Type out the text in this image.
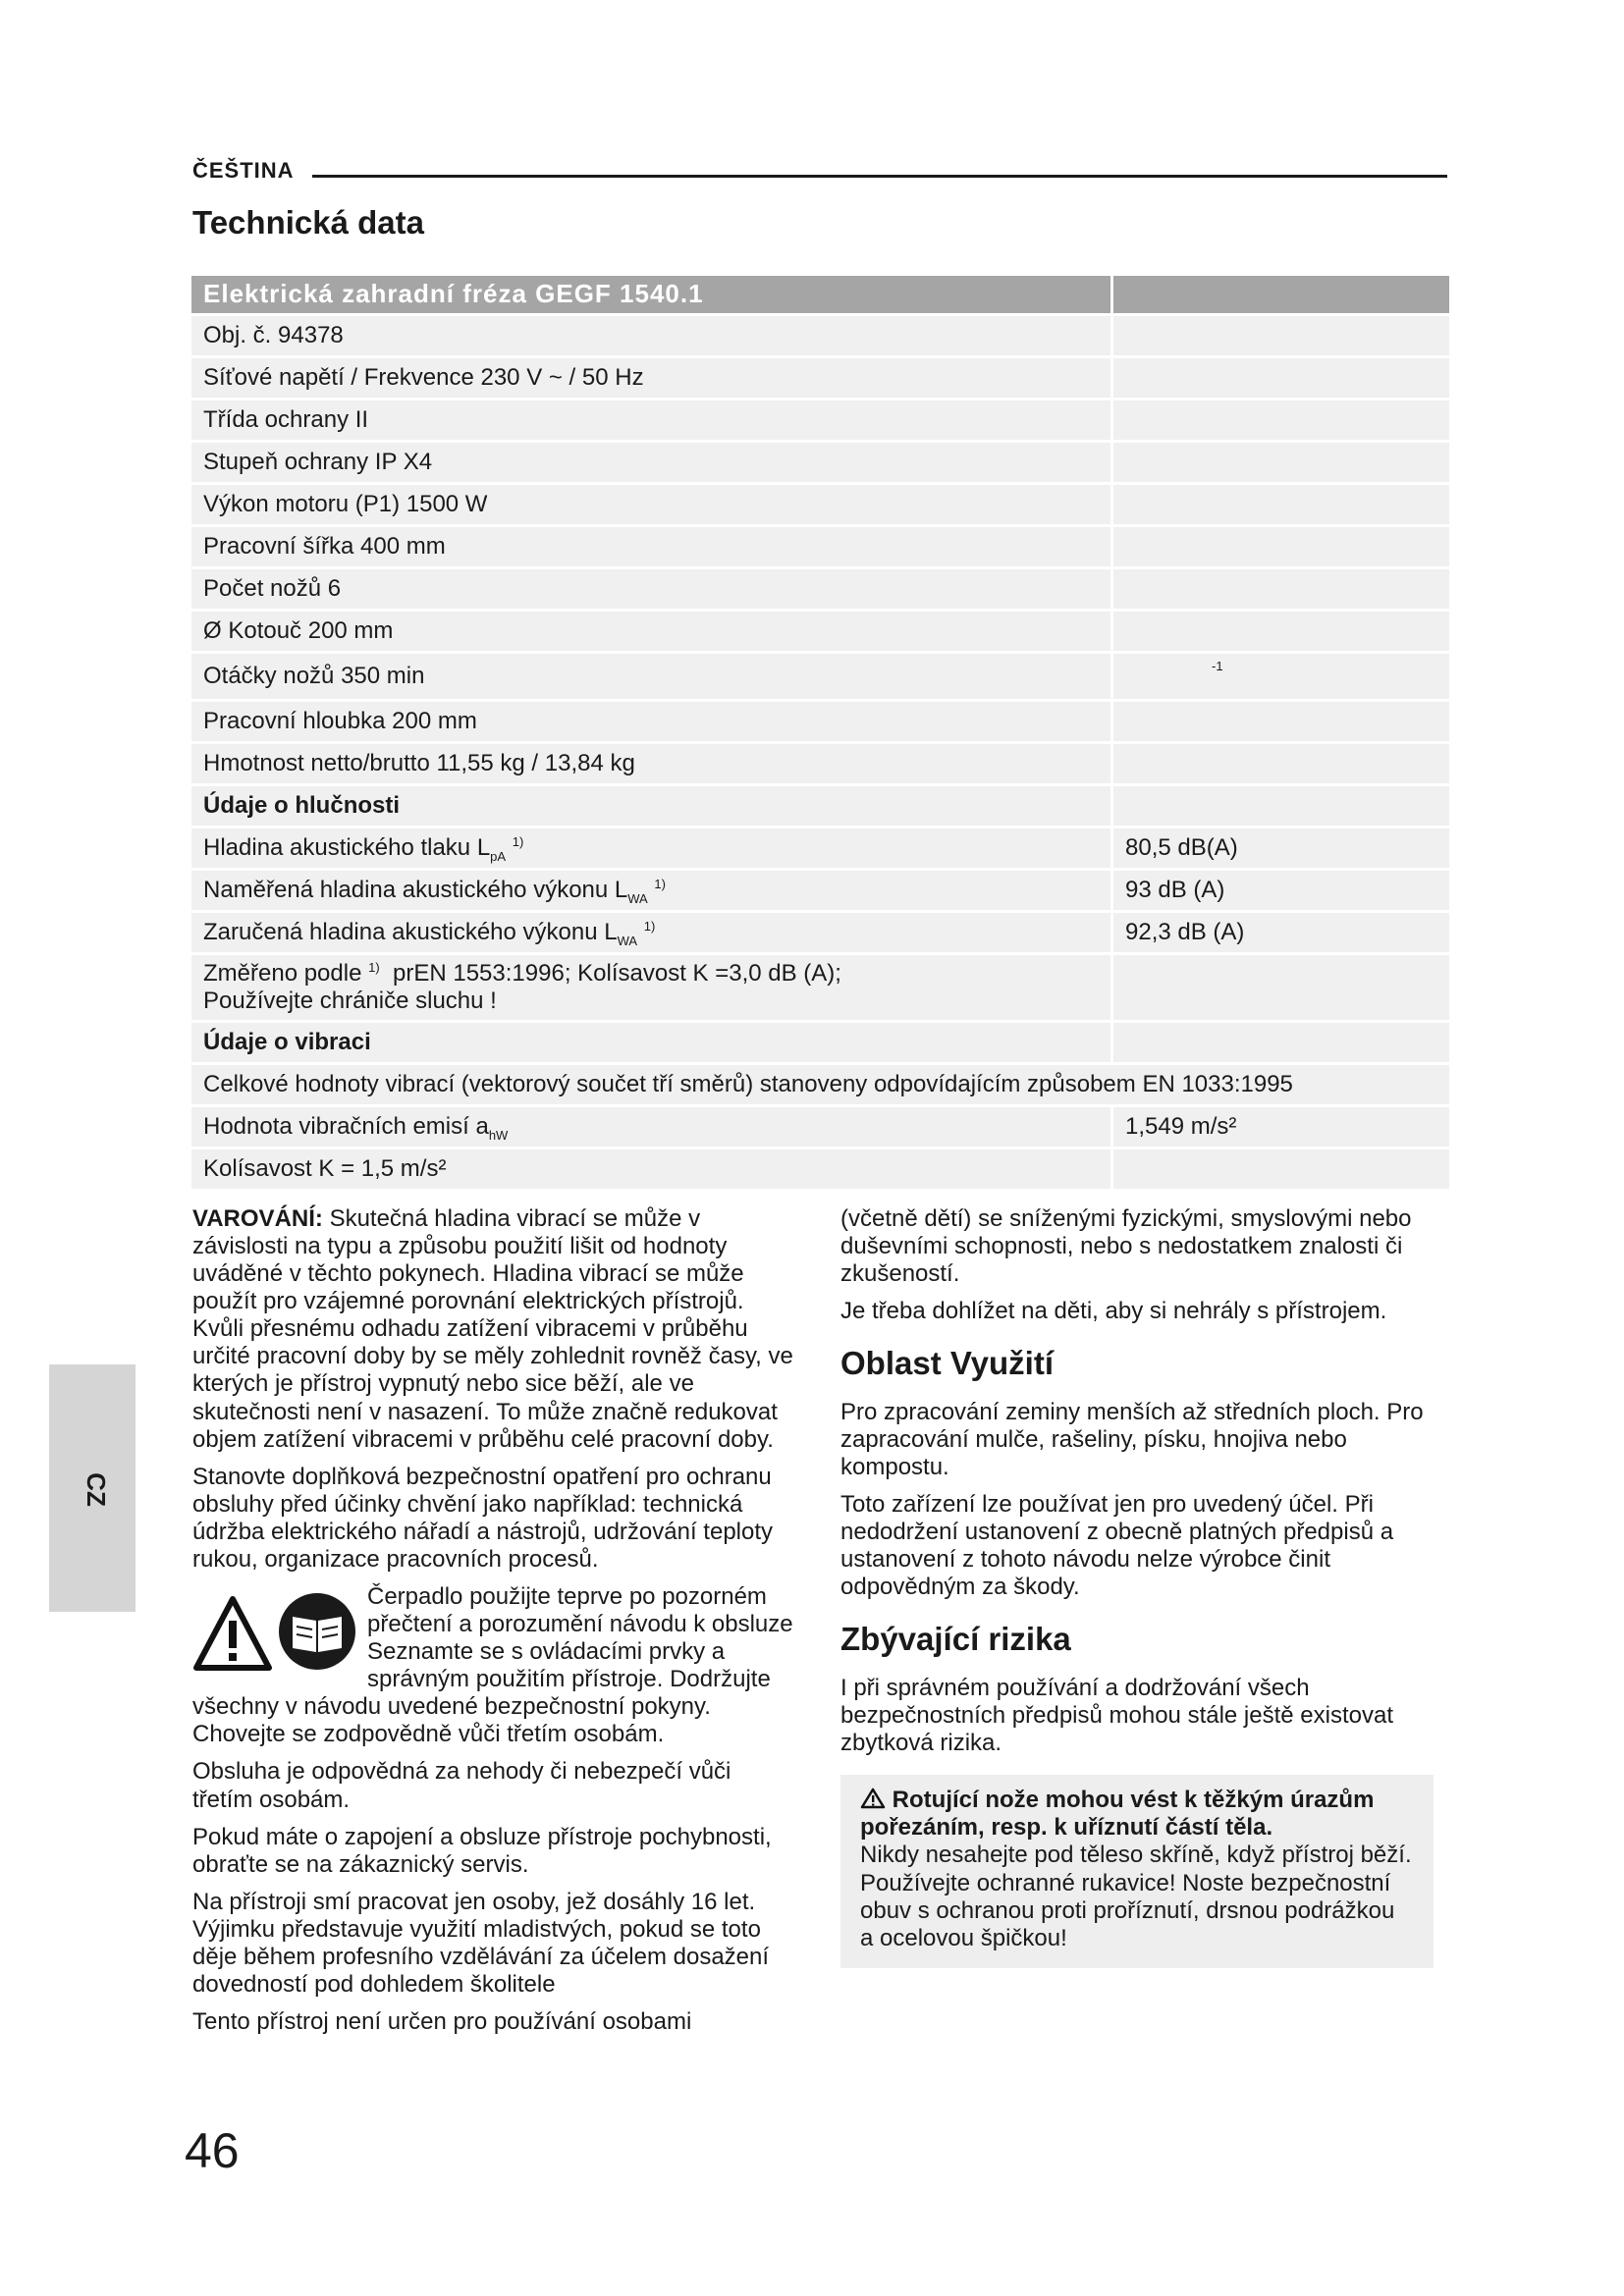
ČEŠTINA
Technická data
Elektrická zahradní fréza GEGF 1540.1	
Obj. č. 94378	
Síťové napětí / Frekvence 230 V ~ / 50 Hz	
Třída ochrany II	
Stupeň ochrany IP X4	
Výkon motoru (P1) 1500 W	
Pracovní šířka 400 mm	
Počet nožů 6	
Ø Kotouč 200 mm	
Otáčky nožů 350 min	-1
Pracovní hloubka 200 mm	
Hmotnost netto/brutto 11,55 kg / 13,84 kg	
Údaje o hlučnosti	
Hladina akustického tlaku $L_{pA}$ $^{1)}$	80,5 dB(A)
Naměřená hladina akustického výkonu $L_{WA}$ $^{1)}$	93 dB (A)
Zaručená hladina akustického výkonu $L_{WA}$ $^{1)}$	92,3 dB (A)
Změřeno podle $^{1)}$ prEN 1553:1996; Kolísavost K =3,0 dB (A);
Používejte chrániče sluchu !	
Údaje o vibraci	
Celkové hodnoty vibrací (vektorový součet tří směrů) stanoveny odpovídajícím způsobem EN 1033:1995	
Hodnota vibračních emisí $a_{hW}$	1,549 m/s²
Kolísavost K = 1,5 m/s²	
CZ

VAROVÁNÍ: Skutečná hladina vibrací se může v závislosti na typu a způsobu použití lišit od hodnoty uváděné v těchto pokynech. Hladina vibrací se může použít pro vzájemné porovnání elektrických přístrojů. Kvůli přesnému odhadu zatížení vibracemi v průběhu určité pracovní doby by se měly zohlednit rovněž časy, ve kterých je přístroj vypnutý nebo sice běží, ale ve skutečnosti není v nasazení. To může značně redukovat objem zatížení vibracemi v průběhu celé pracovní doby.

Stanovte doplňková bezpečnostní opatření pro ochranu obsluhy před účinky chvění jako například: technická údržba elektrického nářadí a nástrojů, udržování teploty rukou, organizace pracovních procesů.

Čerpadlo použijte teprve po pozorném přečtení a porozumění návodu k obsluze Seznamte se s ovládacími prvky a správným použitím přístroje. Dodržujte všechny v návodu uvedené bezpečnostní pokyny. Chovejte se zodpovědně vůči třetím osobám.

Obsluha je odpovědná za nehody či nebezpečí vůči třetím osobám.

Pokud máte o zapojení a obsluze přístroje pochybnosti, obraťte se na zákaznický servis.

Na přístroji smí pracovat jen osoby, jež dosáhly 16 let. Výjimku představuje využití mladistvých, pokud se toto děje během profesního vzdělávání za účelem dosažení dovedností pod dohledem školitele

Tento přístroj není určen pro používání osobami

(včetně dětí) se sníženými fyzickými, smyslovými nebo duševními schopnosti, nebo s nedostatkem znalosti či zkušeností.

Je třeba dohlížet na děti, aby si nehrály s přístrojem.

Oblast Využití

Pro zpracování zeminy menších až středních ploch. Pro zapracování mulče, rašeliny, písku, hnojiva nebo kompostu.

Toto zařízení lze používat jen pro uvedený účel. Při nedodržení ustanovení z obecně platných předpisů a ustanovení z tohoto návodu nelze výrobce činit odpovědným za škody.

Zbývající rizika

I při správném používání a dodržování všech bezpečnostních předpisů mohou stále ještě existovat zbytková rizika.

Rotující nože mohou vést k těžkým úrazům pořezáním, resp. k uříznutí částí těla.
Nikdy nesahejte pod těleso skříně, když přístroj běží. Používejte ochranné rukavice! Noste bezpečnostní obuv s ochranou proti proříznutí, drsnou podrážkou a ocelovou špičkou!
46
